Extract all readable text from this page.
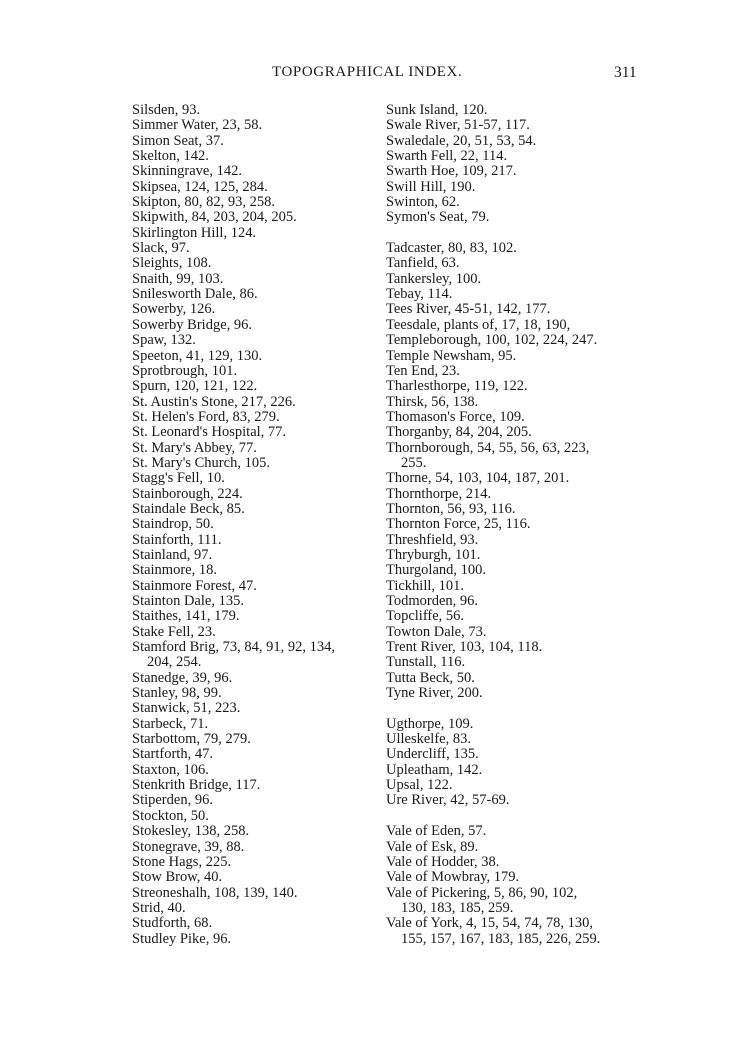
TOPOGRAPHICAL INDEX.	311
Silsden, 93.
Simmer Water, 23, 58.
Simon Seat, 37.
Skelton, 142.
Skinningrave, 142.
Skipsea, 124, 125, 284.
Skipton, 80, 82, 93, 258.
Skipwith, 84, 203, 204, 205.
Skirlington Hill, 124.
Slack, 97.
Sleights, 108.
Snaith, 99, 103.
Snilesworth Dale, 86.
Sowerby, 126.
Sowerby Bridge, 96.
Spaw, 132.
Speeton, 41, 129, 130.
Sprotbrough, 101.
Spurn, 120, 121, 122.
St. Austin's Stone, 217, 226.
St. Helen's Ford, 83, 279.
St. Leonard's Hospital, 77.
St. Mary's Abbey, 77.
St. Mary's Church, 105.
Stagg's Fell, 10.
Stainborough, 224.
Staindale Beck, 85.
Staindrop, 50.
Stainforth, 111.
Stainland, 97.
Stainmore, 18.
Stainmore Forest, 47.
Stainton Dale, 135.
Staithes, 141, 179.
Stake Fell, 23.
Stamford Brig, 73, 84, 91, 92, 134,
204, 254.
Stanedge, 39, 96.
Stanley, 98, 99.
Stanwick, 51, 223.
Starbeck, 71.
Starbottom, 79, 279.
Startforth, 47.
Staxton, 106.
Stenkrith Bridge, 117.
Stiperden, 96.
Stockton, 50.
Stokesley, 138, 258.
Stonegrave, 39, 88.
Stone Hags, 225.
Stow Brow, 40.
Streoneshalh, 108, 139, 140.
Strid, 40.
Studforth, 68.
Studley Pike, 96.
Sunk Island, 120.
Swale River, 51-57, 117.
Swaledale, 20, 51, 53, 54.
Swarth Fell, 22, 114.
Swarth Hoe, 109, 217.
Swill Hill, 190.
Swinton, 62.
Symon's Seat, 79.
Tadcaster, 80, 83, 102.
Tanfield, 63.
Tankersley, 100.
Tebay, 114.
Tees River, 45-51, 142, 177.
Teesdale, plants of, 17, 18, 190,
Templeborough, 100, 102, 224, 247.
Temple Newsham, 95.
Ten End, 23.
Tharlesthorpe, 119, 122.
Thirsk, 56, 138.
Thomason's Force, 109.
Thorganby, 84, 204, 205.
Thornborough, 54, 55, 56, 63, 223,
255.
Thorne, 54, 103, 104, 187, 201.
Thornthorpe, 214.
Thornton, 56, 93, 116.
Thornton Force, 25, 116.
Threshfield, 93.
Thryburgh, 101.
Thurgoland, 100.
Tickhill, 101.
Todmorden, 96.
Topcliffe, 56.
Towton Dale, 73.
Trent River, 103, 104, 118.
Tunstall, 116.
Tutta Beck, 50.
Tyne River, 200.
Ugthorpe, 109.
Ulleskelfe, 83.
Undercliff, 135.
Upleatham, 142.
Upsal, 122.
Ure River, 42, 57-69.
Vale of Eden, 57.
Vale of Esk, 89.
Vale of Hodder, 38.
Vale of Mowbray, 179.
Vale of Pickering, 5, 86, 90, 102,
130, 183, 185, 259.
Vale of York, 4, 15, 54, 74, 78, 130,
155, 157, 167, 183, 185, 226, 259.
